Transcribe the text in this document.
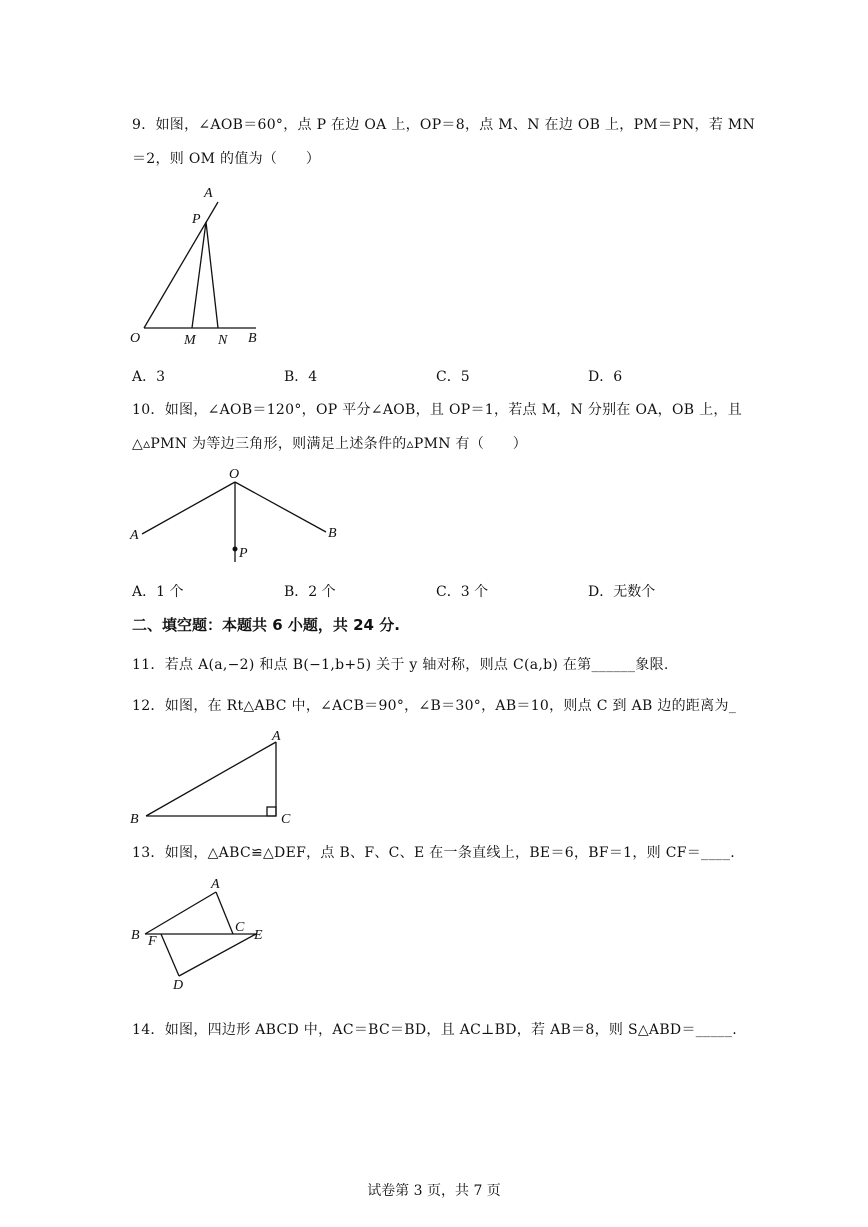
9．如图，∠AOB＝60°，点 P 在边 OA 上，OP＝8，点 M、N 在边 OB 上，PM＝PN，若 MN
＝2，则 OM 的值为（　　）
A
P
O	M N B
A．3	B．4	C．5	D．6
10．如图，∠AOB＝120°，OP 平分∠AOB，且 OP＝1，若点 M，N 分别在 OA，OB 上，且
△▵PMN 为等边三角形，则满足上述条件的▵PMN 有（　　）
O
A	B
P
A．1 个	B．2 个	C．3 个	D．无数个
二、填空题：本题共 6 小题，共 24 分.
11．若点 A(a,−2) 和点 B(−1,b+5) 关于 y 轴对称，则点 C(a,b) 在第______象限.
12．如图，在 Rt△ABC 中，∠ACB＝90°，∠B＝30°，AB＝10，则点 C 到 AB 边的距离为_
A
B	C
13．如图，△ABC≌△DEF，点 B、F、C、E 在一条直线上，BE＝6，BF＝1，则 CF＝____.
A
B
C
E
F
D
14．如图，四边形 ABCD 中，AC＝BC＝BD，且 AC⊥BD，若 AB＝8，则 S△ABD＝_____.
试卷第 3 页，共 7 页
